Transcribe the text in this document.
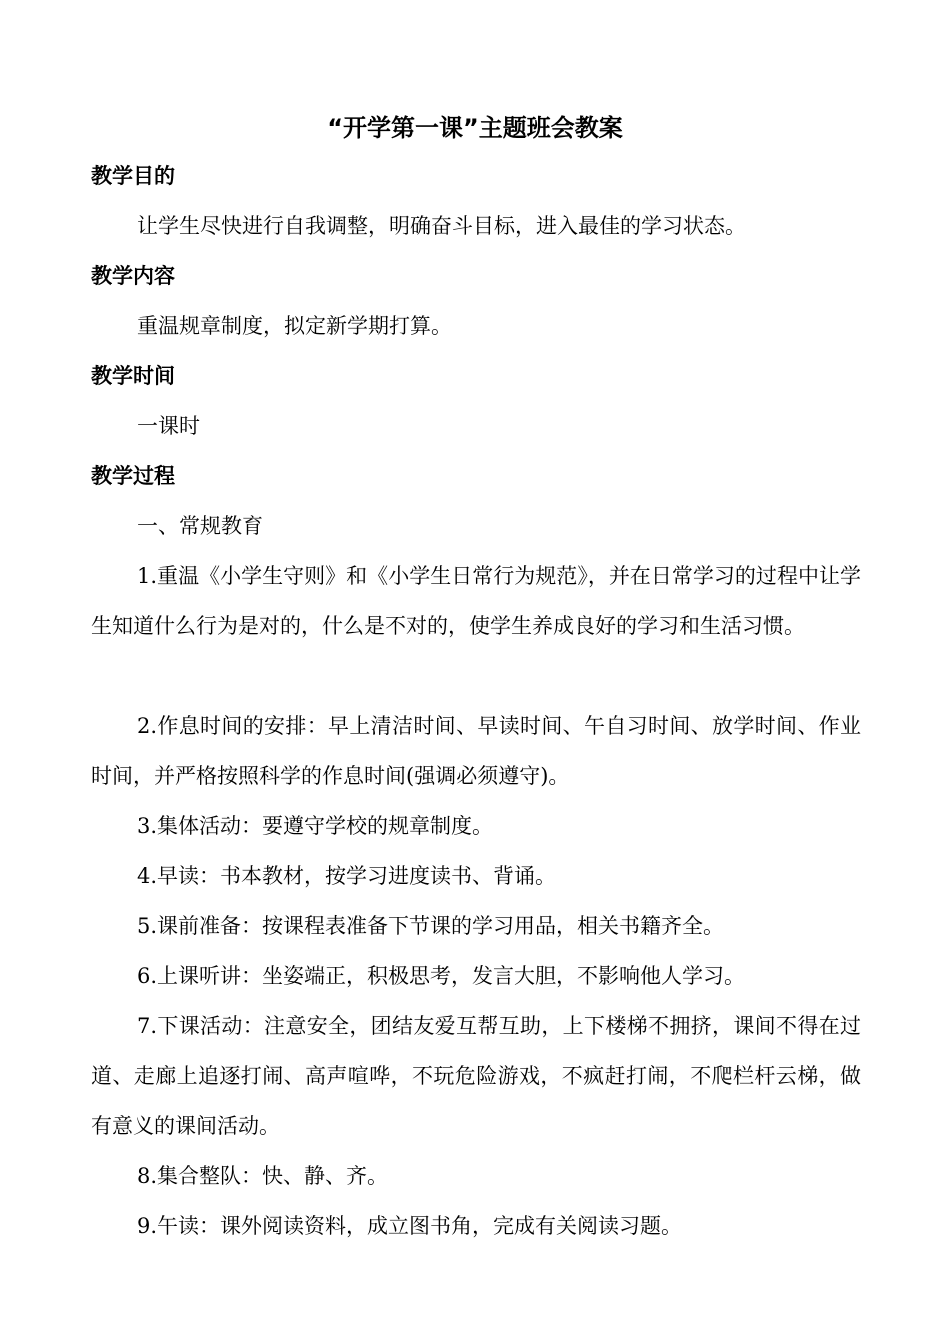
“开学第一课”主题班会教案
教学目的
让学生尽快进行自我调整，明确奋斗目标，进入最佳的学习状态。
教学内容
重温规章制度，拟定新学期打算。
教学时间
一课时
教学过程
一、常规教育
1.重温《小学生守则》和《小学生日常行为规范》，并在日常学习的过程中让学生知道什么行为是对的，什么是不对的，使学生养成良好的学习和生活习惯。
2.作息时间的安排：早上清洁时间、早读时间、午自习时间、放学时间、作业时间，并严格按照科学的作息时间(强调必须遵守)。
3.集体活动：要遵守学校的规章制度。
4.早读：书本教材，按学习进度读书、背诵。
5.课前准备：按课程表准备下节课的学习用品，相关书籍齐全。
6.上课听讲：坐姿端正，积极思考，发言大胆，不影响他人学习。
7.下课活动：注意安全，团结友爱互帮互助，上下楼梯不拥挤，课间不得在过道、走廊上追逐打闹、高声喧哗，不玩危险游戏，不疯赶打闹，不爬栏杆云梯，做有意义的课间活动。
8.集合整队：快、静、齐。
9.午读：课外阅读资料，成立图书角，完成有关阅读习题。
